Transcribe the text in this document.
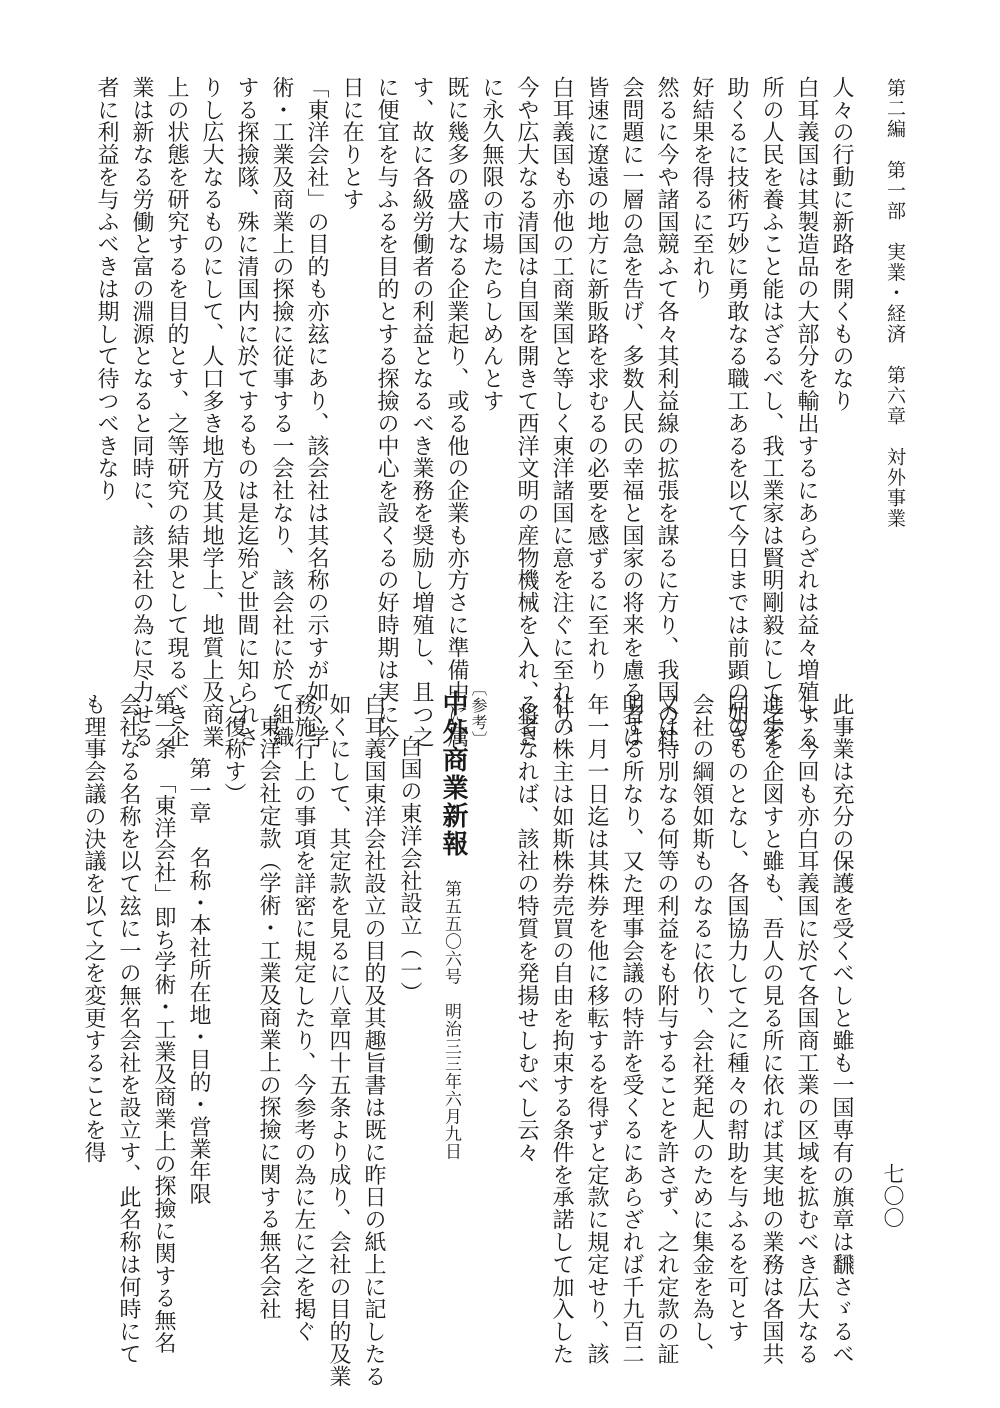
第二編　第一部　実業・経済　第六章　対外事業
七〇〇
人々の行動に新路を開くものなり
白耳義国は其製造品の大部分を輸出するにあらざれは益々増殖する
所の人民を養ふこと能はざるべし、我工業家は賢明剛毅にして之を
助くるに技術巧妙に勇敢なる職工あるを以て今日までは前顕の如き
好結果を得るに至れり
然るに今や諸国競ふて各々其利益線の拡張を謀るに方り、我国の社
会問題に一層の急を告げ、多数人民の幸福と国家の将来を慮る者は
皆速に遼遠の地方に新販路を求むるの必要を感ずるに至れり
白耳義国も亦他の工商業国と等しく東洋諸国に意を注ぐに至れり、
今や広大なる清国は自国を開きて西洋文明の産物機械を入れ、将さ
に永久無限の市場たらしめんとす
既に幾多の盛大なる企業起り、或る他の企業も亦方さに準備中に属
す、故に各級労働者の利益となるべき業務を奨励し増殖し、且つ之
に便宜を与ふるを目的とする探撿の中心を設くるの好時期は実に今
日に在りとす
「東洋会社」の目的も亦玆にあり、該会社は其名称の示すが如く学
術・工業及商業上の探撿に従事する一会社なり、該会社に於て組織
する探撿隊、殊に清国内に於てするものは是迄殆ど世間に知られさ
りし広大なるものにして、人口多き地方及其地学上、地質上及商業
上の状態を研究するを目的とす、之等研究の結果として現るべき企
業は新なる労働と富の淵源となると同時に、該会社の為に尽力せる
者に利益を与ふべきは期して待つべきなり
此事業は充分の保護を受くべしと雖も一国専有の旗章は飜さゞるべ
し、今回も亦白耳義国に於て各国商工業の区域を拡むべき広大なる
進歩を企図すと雖も、吾人の見る所に依れば其実地の業務は各国共
同のものとなし、各国協力して之に種々の幇助を与ふるを可とす
会社の綱領如斯ものなるに依り、会社発起人のために集金を為し、
又は特別なる何等の利益をも附与することを許さず、之れ定款の証
明する所なり、又た理事会議の特許を受くるにあらざれば千九百二
年一月一日迄は其株券を他に移転するを得ずと定款に規定せり、該
社の株主は如斯株券売買の自由を拘束する条件を承諾して加入した
る者なれば、該社の特質を発揚せしむべし云々
〔参考〕
中外商業新報
第五五〇六号　明治三三年六月九日
白国の東洋会社設立（一）
白耳義国東洋会社設立の目的及其趣旨書は既に昨日の紙上に記したる
如くにして、其定款を見るに八章四十五条より成り、会社の目的及業
務施行上の事項を詳密に規定したり、今参考の為に左に之を掲ぐ
東洋会社定款（学術・工業及商業上の探撿に関する無名会社
と復称す）
第一章　名称・本社所在地・目的・営業年限
第一条　「東洋会社」即ち学術・工業及商業上の探撿に関する無名
会社なる名称を以て玆に一の無名会社を設立す、此名称は何時にて
も理事会議の決議を以て之を変更することを得
